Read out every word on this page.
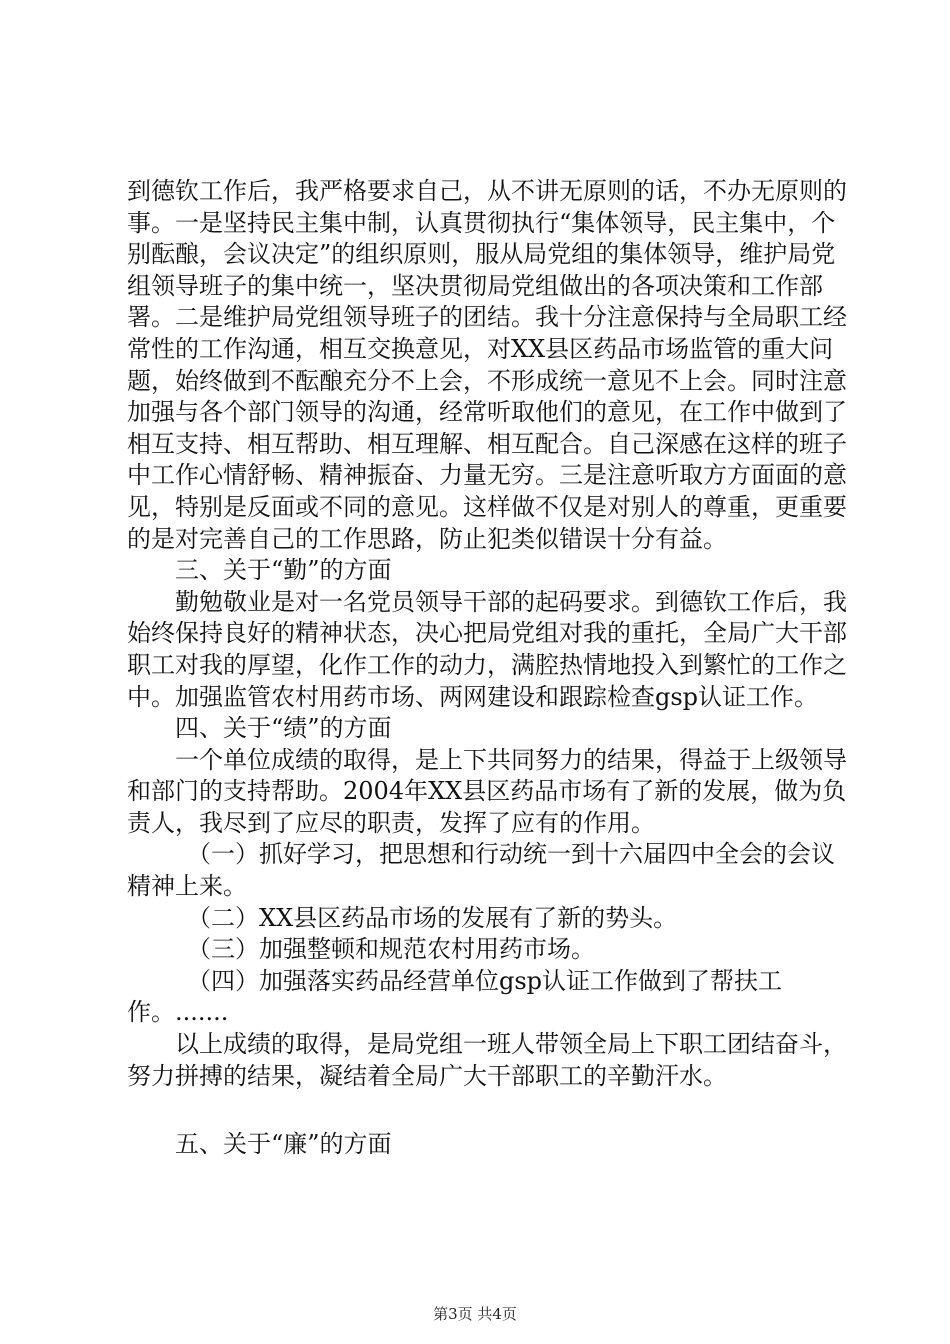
到德钦工作后，我严格要求自己，从不讲无原则的话，不办无原则的事。一是坚持民主集中制，认真贯彻执行“集体领导，民主集中，个别酝酿，会议决定”的组织原则，服从局党组的集体领导，维护局党组领导班子的集中统一，坚决贯彻局党组做出的各项决策和工作部署。二是维护局党组领导班子的团结。我十分注意保持与全局职工经常性的工作沟通，相互交换意见，对XX县区药品市场监管的重大问题，始终做到不酝酿充分不上会，不形成统一意见不上会。同时注意加强与各个部门领导的沟通，经常听取他们的意见，在工作中做到了相互支持、相互帮助、相互理解、相互配合。自己深感在这样的班子中工作心情舒畅、精神振奋、力量无穷。三是注意听取方方面面的意见，特别是反面或不同的意见。这样做不仅是对别人的尊重，更重要的是对完善自己的工作思路，防止犯类似错误十分有益。

三、关于“勤”的方面

勤勉敬业是对一名党员领导干部的起码要求。到德钦工作后，我始终保持良好的精神状态，决心把局党组对我的重托，全局广大干部职工对我的厚望，化作工作的动力，满腔热情地投入到繁忙的工作之中。加强监管农村用药市场、两网建设和跟踪检查gsp认证工作。

四、关于“绩”的方面

一个单位成绩的取得，是上下共同努力的结果，得益于上级领导和部门的支持帮助。2004年XX县区药品市场有了新的发展，做为负责人，我尽到了应尽的职责，发挥了应有的作用。

（一）抓好学习，把思想和行动统一到十六届四中全会的会议精神上来。

（二）XX县区药品市场的发展有了新的势头。

（三）加强整顿和规范农村用药市场。

（四）加强落实药品经营单位gsp认证工作做到了帮扶工作。.......

以上成绩的取得，是局党组一班人带领全局上下职工团结奋斗，努力拼搏的结果，凝结着全局广大干部职工的辛勤汗水。

五、关于“廉”的方面

第3页 共4页
